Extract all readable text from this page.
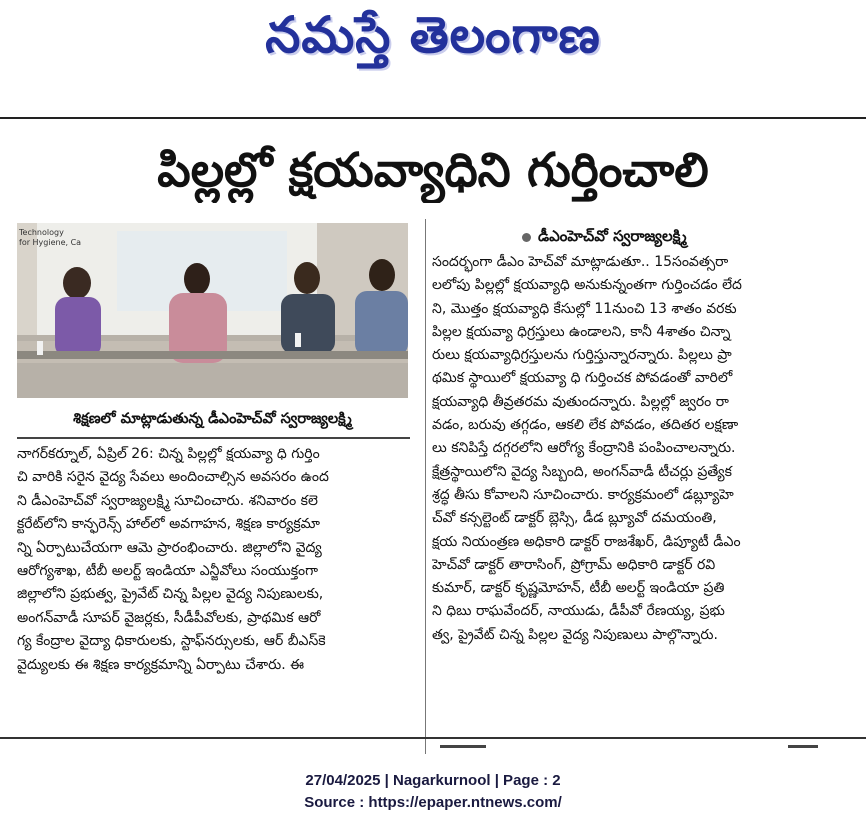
నమస్తే తెలంగాణ
పిల్లల్లో క్షయవ్యాధిని గుర్తించాలి
Technology
for Hygiene, Ca
శిక్షణలో మాట్లాడుతున్న డీఎంహెచ్‌వో స్వరాజ్యలక్ష్మి

నాగర్‌కర్నూల్, ఏప్రిల్ 26: చిన్న పిల్లల్లో క్షయవ్యా ధి గుర్తిం

చి వారికి సరైన వైద్య సేవలు అందించాల్సిన అవసరం ఉంద

ని డీఎంహెచ్‌వో స్వరాజ్యలక్ష్మి సూచించారు. శనివారం కలె

క్టరేట్‌లోని కాన్ఫరెన్స్ హాల్‌లో అవగాహన, శిక్షణ కార్యక్రమా

న్ని ఏర్పాటుచేయగా ఆమె ప్రారంభించారు. జిల్లాలోని వైద్య

ఆరోగ్యశాఖ, టీబీ అలర్ట్ ఇండియా ఎన్జీవోలు సంయుక్తంగా

జిల్లాలోని ప్రభుత్వ, ప్రైవేట్ చిన్న పిల్లల వైద్య నిపుణులకు,

అంగన్‌వాడీ సూపర్ వైజర్లకు, సీడీపీవోలకు, ప్రాథమిక ఆరో

గ్య కేంద్రాల వైద్యా ధికారులకు, స్టాఫ్‌నర్సులకు, ఆర్ బీఎస్‌కె

వైద్యులకు ఈ శిక్షణ కార్యక్రమాన్ని ఏర్పాటు చేశారు. ఈ

డీఎంహెచ్‌వో స్వరాజ్యలక్ష్మి

సందర్భంగా డీఎం హెచ్‌వో మాట్లాడుతూ.. 15సంవత్సరా

లలోపు పిల్లల్లో క్షయవ్యాధి అనుకున్నంతగా గుర్తించడం లేద

ని, మొత్తం క్షయవ్యాధి కేసుల్లో 11నుంచి 13 శాతం వరకు

పిల్లల క్షయవ్యా ధిగ్రస్తులు ఉండాలని, కానీ 4శాతం చిన్నా

రులు క్షయవ్యాధిగ్రస్తులను గుర్తిస్తున్నారన్నారు. పిల్లలు ప్రా

థమిక స్థాయిలో క్షయవ్యా ధి గుర్తించక పోవడంతో వారిలో

క్షయవ్యాధి తీవ్రతరమ వుతుందన్నారు. పిల్లల్లో జ్వరం రా

వడం, బరువు తగ్గడం, ఆకలి లేక పోవడం, తదితర లక్షణా

లు కనిపిస్తే దగ్గరలోని ఆరోగ్య కేంద్రానికి పంపించాలన్నారు.

క్షేత్రస్థాయిలోని వైద్య సిబ్బంది, అంగన్‌వాడీ టీచర్లు ప్రత్యేక

శ్రద్ధ తీసు కోవాలని సూచించారు. కార్యక్రమంలో డబ్ల్యూహె

చ్‌వో కన్సల్టెంట్ డాక్టర్ బ్లెస్సి, డీడ బ్ల్యూవో దమయంతి,

క్షయ నియంత్రణ అధికారి డాక్టర్ రాజశేఖర్, డిప్యూటీ డీఎం

హెచ్‌వో డాక్టర్ తారాసింగ్, ప్రోగ్రామ్ అధికారి డాక్టర్ రవి

కుమార్, డాక్టర్ కృష్ణమోహన్, టీబీ అలర్ట్ ఇండియా ప్రతి

ని ధిబు రాఘవేందర్, నాయుడు, డీపీవో రేణయ్య, ప్రభు

త్వ, ప్రైవేట్ చిన్న పిల్లల వైద్య నిపుణులు పాల్గొన్నారు.

27/04/2025 | Nagarkurnool | Page : 2
Source : https://epaper.ntnews.com/
